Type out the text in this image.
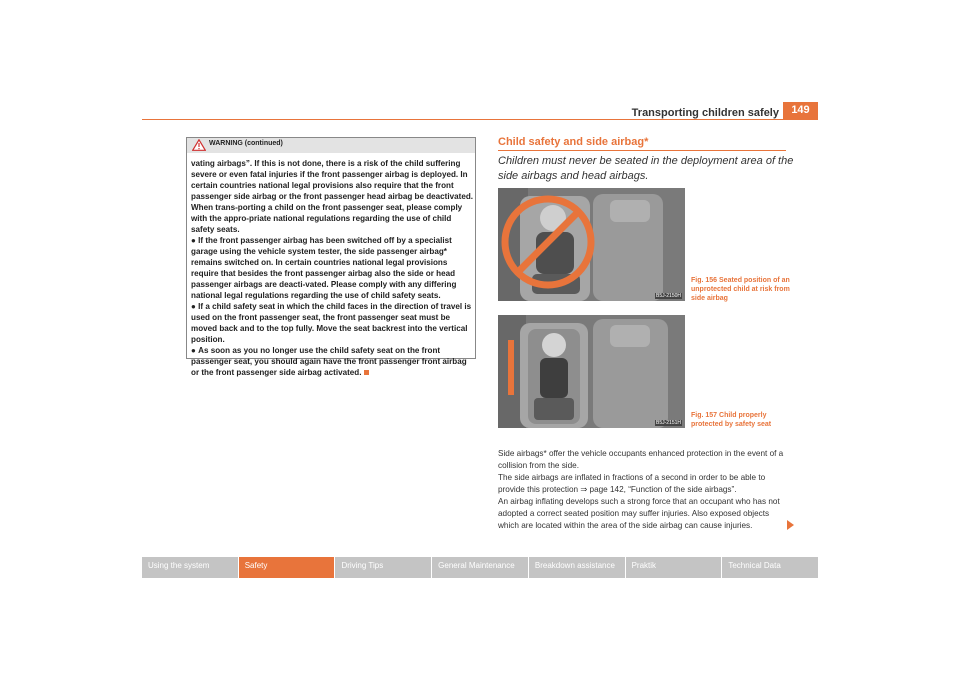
Transporting children safely	149
WARNING (continued)

vating airbags”. If this is not done, there is a risk of the child suffering severe or even fatal injuries if the front passenger airbag is deployed. In certain countries national legal provisions also require that the front passenger side airbag or the front passenger head airbag be deactivated. When trans-porting a child on the front passenger seat, please comply with the appro-priate national regulations regarding the use of child safety seats.

● If the front passenger airbag has been switched off by a specialist garage using the vehicle system tester, the side passenger airbag* remains switched on. In certain countries national legal provisions require that besides the front passenger airbag also the side or head passenger airbags are deacti-vated. Please comply with any differing national legal regulations regarding the use of child safety seats.

● If a child safety seat in which the child faces in the direction of travel is used on the front passenger seat, the front passenger seat must be moved back and to the top fully. Move the seat backrest into the vertical position.

● As soon as you no longer use the child safety seat on the front passenger seat, you should again have the front passenger front airbag or the front passenger side airbag activated.

Child safety and side airbag*
Children must never be seated in the deployment area of the side airbags and head airbags.
B5J-2150H
Fig. 156 Seated position of an unprotected child at risk from side airbag
B5J-2151H
Fig. 157 Child properly protected by safety seat

Side airbags* offer the vehicle occupants enhanced protection in the event of a collision from the side.

The side airbags are inflated in fractions of a second in order to be able to provide this protection ⇒ page 142, “Function of the side airbags”.

An airbag inflating develops such a strong force that an occupant who has not adopted a correct seated position may suffer injuries. Also exposed objects which are located within the area of the side airbag can cause injuries.

Using the system	Safety	Driving Tips	General Maintenance	Breakdown assistance	Praktik	Technical Data
